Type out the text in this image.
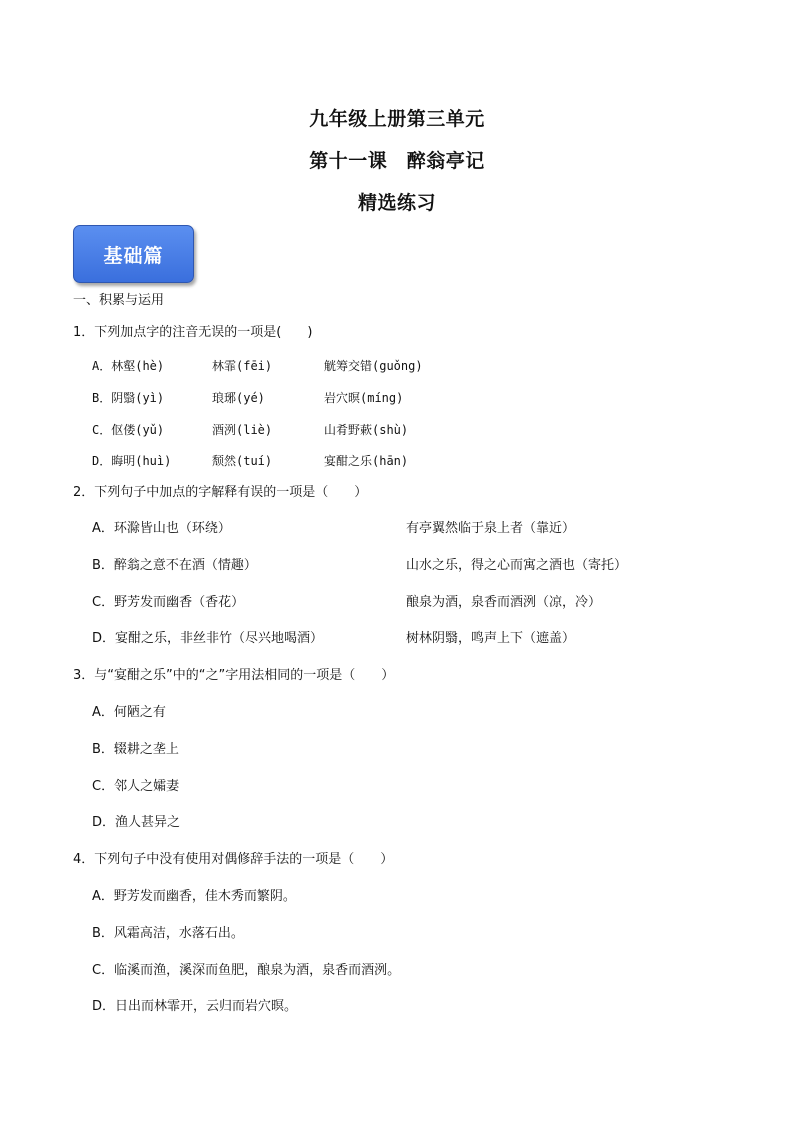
九年级上册第三单元
第十一课　醉翁亭记
精选练习
基础篇
一、积累与运用
1．下列加点字的注音无误的一项是(　　)
A．林壑(hè)	林霏(fēi)	觥筹交错(guǒng)
B．阴翳(yì)	琅琊(yé)	岩穴暝(míng)
C．伛偻(yǔ)	酒洌(liè)	山肴野蔌(shù)
D．晦明(huì)	颓然(tuí)	宴酣之乐(hān)
2．下列句子中加点的字解释有误的一项是（　　）
A．环滁皆山也（环绕）	有亭翼然临于泉上者（靠近）
B．醉翁之意不在酒（情趣）	山水之乐，得之心而寓之酒也（寄托）
C．野芳发而幽香（香花）	酿泉为酒，泉香而酒洌（凉，冷）
D．宴酣之乐，非丝非竹（尽兴地喝酒）	树林阴翳，鸣声上下（遮盖）
3．与“宴酣之乐”中的“之”字用法相同的一项是（　　）
A．何陋之有
B．辍耕之垄上
C．邻人之孀妻
D．渔人甚异之
4．下列句子中没有使用对偶修辞手法的一项是（　　）
A．野芳发而幽香，佳木秀而繁阴。
B．风霜高洁，水落石出。
C．临溪而渔，溪深而鱼肥，酿泉为酒，泉香而酒洌。
D．日出而林霏开，云归而岩穴暝。
